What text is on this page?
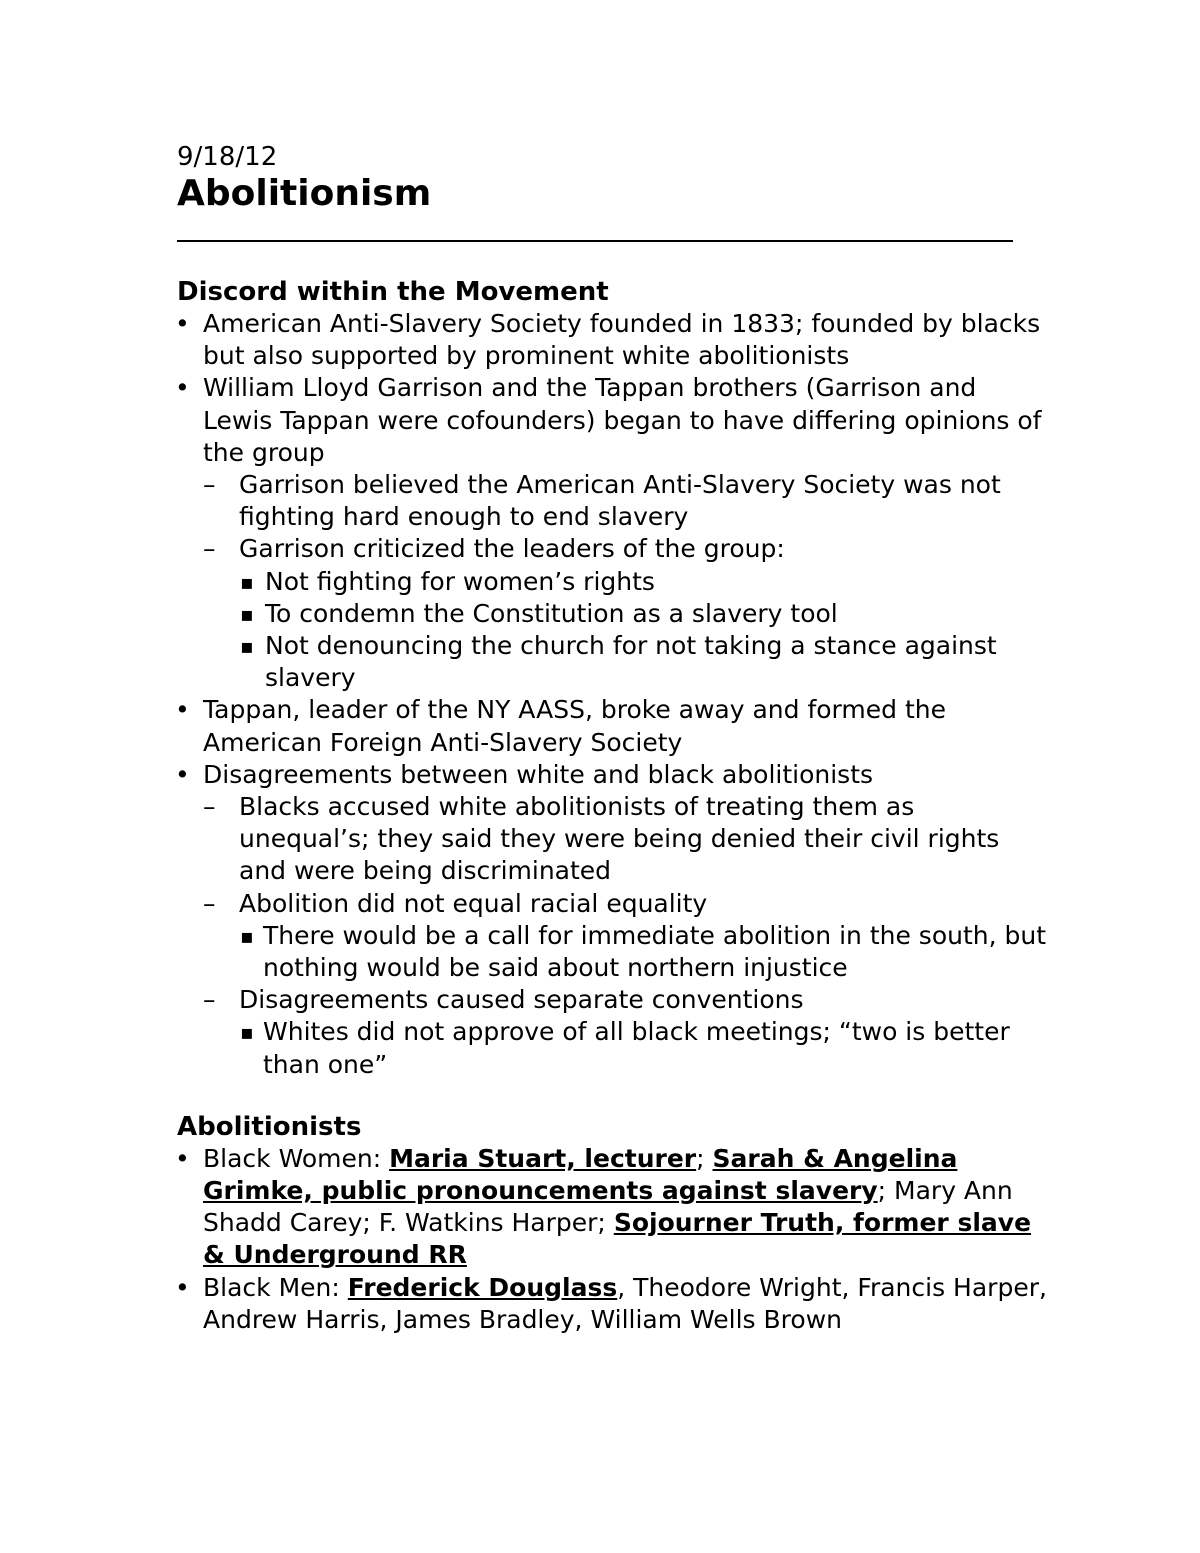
9/18/12

Abolitionism

Discord within the Movement

• American Anti-Slavery Society founded in 1833; founded by blacks but also supported by prominent white abolitionists
• William Lloyd Garrison and the Tappan brothers (Garrison and Lewis Tappan were cofounders) began to have differing opinions of the group
– Garrison believed the American Anti-Slavery Society was not fighting hard enough to end slavery
– Garrison criticized the leaders of the group:
▪ Not fighting for women’s rights
▪ To condemn the Constitution as a slavery tool
▪ Not denouncing the church for not taking a stance against slavery
• Tappan, leader of the NY AASS, broke away and formed the American Foreign Anti-Slavery Society
• Disagreements between white and black abolitionists
– Blacks accused white abolitionists of treating them as unequal’s; they said they were being denied their civil rights and were being discriminated
– Abolition did not equal racial equality
▪ There would be a call for immediate abolition in the south, but nothing would be said about northern injustice
– Disagreements caused separate conventions
▪ Whites did not approve of all black meetings; “two is better than one”

Abolitionists

• Black Women: Maria Stuart, lecturer; Sarah & Angelina Grimke, public pronouncements against slavery; Mary Ann Shadd Carey; F. Watkins Harper; Sojourner Truth, former slave & Underground RR
• Black Men: Frederick Douglass, Theodore Wright, Francis Harper, Andrew Harris, James Bradley, William Wells Brown
